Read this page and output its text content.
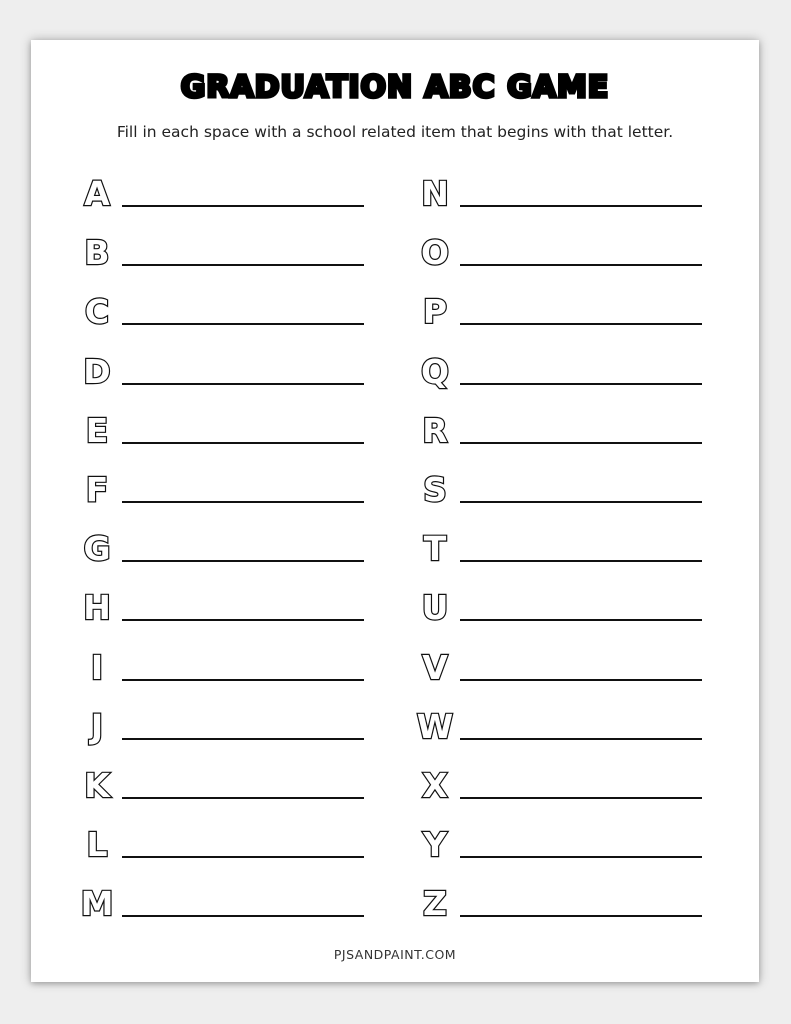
GRADUATION ABC GAME

Fill in each space with a school related item that begins with that letter.

A
B
C
D
E
F
G
H
I
J
K
L
M
N
O
P
Q
R
S
T
U
V
W
X
Y
Z

PJSANDPAINT.COM
